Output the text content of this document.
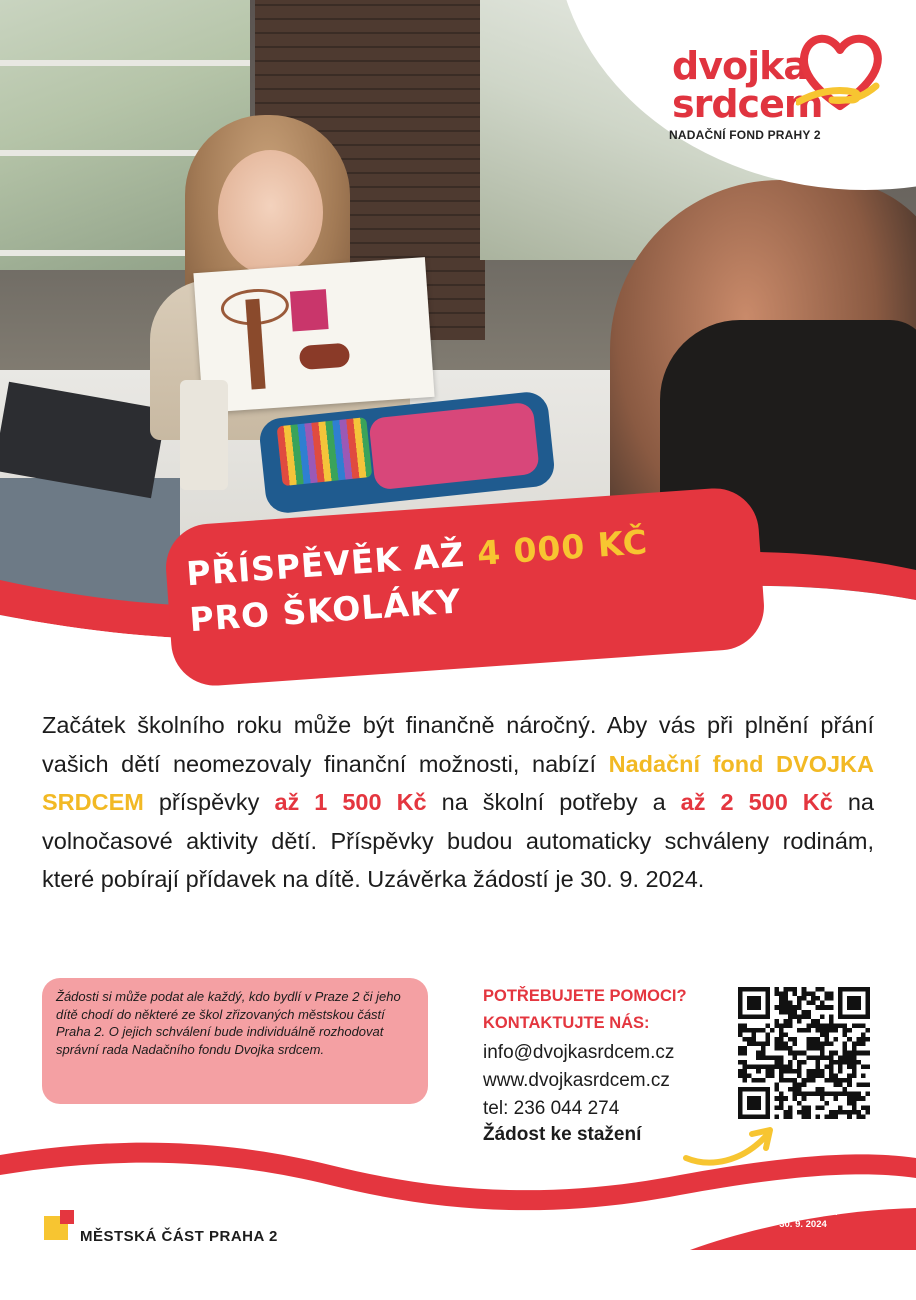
dvojka
srdcem
NADAČNÍ FOND PRAHY 2
PŘÍSPĚVĚK AŽ 4 000 KČ
PRO ŠKOLÁKY
Začátek školního roku může být finančně náročný. Aby vás při plnění přání vašich dětí neomezovaly finanční možnosti, nabízí Nadační fond DVOJKA SRDCEM příspěvky až 1 500 Kč na školní potřeby a až 2 500 Kč na volnočasové aktivity dětí. Příspěvky budou automaticky schváleny rodinám, které pobírají přídavek na dítě. Uzávěrka žádostí je 30. 9. 2024.
Žádosti si může podat ale každý, kdo bydlí v Praze 2 či jeho dítě chodí do některé ze škol zřizovaných městskou částí Praha 2. O jejich schválení bude individuálně rozhodovat správní rada Nadačního fondu Dvojka srdcem.
POTŘEBUJETE POMOCI?
KONTAKTUJTE NÁS:
info@dvojkasrdcem.cz
www.dvojkasrdcem.cz
tel: 236 044 274
Žádost ke stažení
MĚSTSKÁ ČÁST PRAHA 2
Uzávěrka končí
30. 9. 2024
